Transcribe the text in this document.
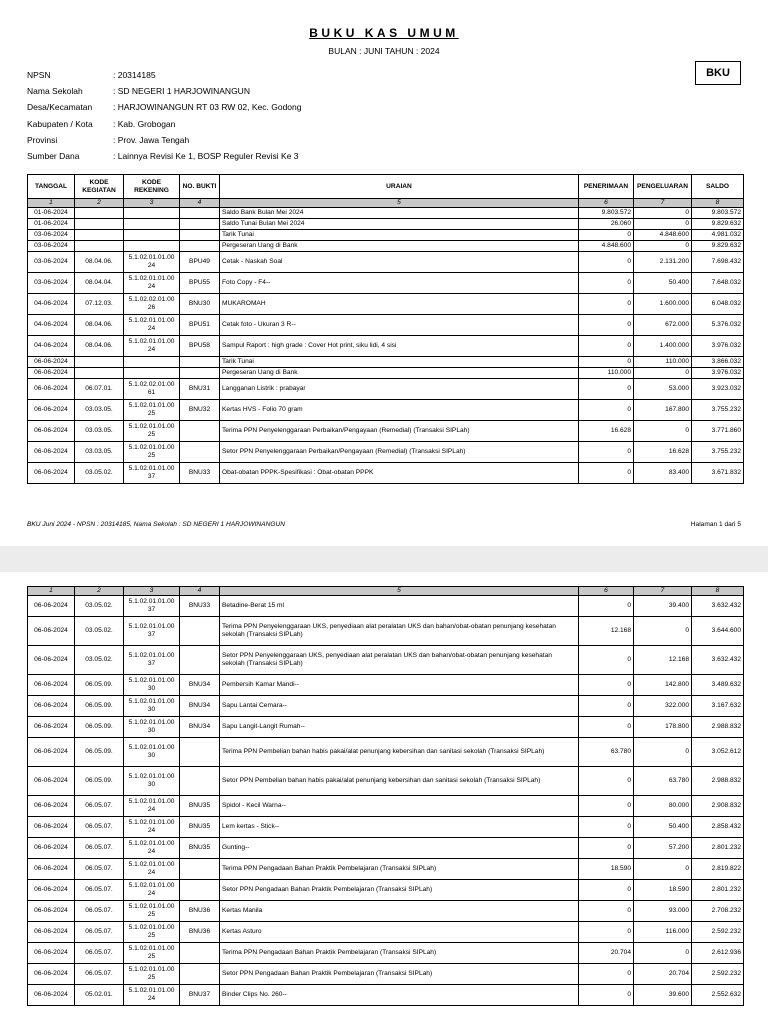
BUKU KAS UMUM
BULAN : JUNI TAHUN : 2024
BKU
NPSN	: 20314185
Nama Sekolah	: SD NEGERI 1 HARJOWINANGUN
Desa/Kecamatan : HARJOWINANGUN RT 03 RW 02, Kec. Godong
Kabupaten / Kota : Kab. Grobogan
Provinsi	: Prov. Jawa Tengah
Sumber Dana	: Lainnya Revisi Ke 1, BOSP Reguler Revisi Ke 3
TANGGAL	KODE KEGIATAN	KODE REKENING	NO. BUKTI	URAIAN	PENERIMAAN	PENGELUARAN	SALDO
1	2	3	4	5	6	7	8
01-06-2024				Saldo Bank Bulan Mei 2024	9.803.572	0	9.803.572
01-06-2024				Saldo Tunai Bulan Mei 2024	26.060	0	9.829.632
03-06-2024				Tarik Tunai	0	4.848.600	4.981.032
03-06-2024				Pergeseran Uang di Bank	4.848.600	0	9.829.632
03-06-2024	08.04.06.	5.1.02.01.01.00 24	BPU49	Cetak - Naskah Soal	0	2.131.200	7.698.432
03-06-2024	08.04.04.	5.1.02.01.01.00 24	BPU55	Foto Copy - F4--	0	50.400	7.648.032
04-06-2024	07.12.03.	5.1.02.02.01.00 26	BNU30	MUKAROMAH	0	1.600.000	6.048.032
04-06-2024	08.04.06.	5.1.02.01.01.00 24	BPU51	Cetak foto - Ukuran 3 R--	0	672.000	5.376.032
04-06-2024	08.04.06.	5.1.02.01.01.00 24	BPU58	Sampul Raport : high grade : Cover Hot print, siku lidi, 4 sisi	0	1.400.000	3.976.032
06-06-2024				Tarik Tunai	0	110.000	3.866.032
06-06-2024				Pergeseran Uang di Bank	110.000	0	3.976.032
06-06-2024	06.07.01.	5.1.02.02.01.00 61	BNU31	Langganan Listrik : prabayar	0	53.000	3.923.032
06-06-2024	03.03.05.	5.1.02.01.01.00 25	BNU32	Kertas HVS - Folio 70 gram	0	167.800	3.755.232
06-06-2024	03.03.05.	5.1.02.01.01.00 25		Terima PPN Penyelenggaraan Perbaikan/Pengayaan (Remedial) (Transaksi SIPLah)	16.628	0	3.771.860
06-06-2024	03.03.05.	5.1.02.01.01.00 25		Setor PPN Penyelenggaraan Perbaikan/Pengayaan (Remedial) (Transaksi SIPLah)	0	16.628	3.755.232
06-06-2024	03.05.02.	5.1.02.01.01.00 37	BNU33	Obat-obatan PPPK-Spesifikasi : Obat-obatan PPPK	0	83.400	3.671.832
BKU Juni 2024 - NPSN : 20314185, Nama Sekolah : SD NEGERI 1 HARJOWINANGUN	Halaman 1 dari 5
1	2	3	4	5	6	7	8
06-06-2024	03.05.02.	5.1.02.01.01.00 37	BNU33	Betadine-Berat 15 ml	0	39.400	3.632.432
06-06-2024	03.05.02.	5.1.02.01.01.00 37		Terima PPN Penyelenggaraan UKS, penyediaan alat peralatan UKS dan bahan/obat-obatan penunjang kesehatan sekolah (Transaksi SIPLah)	12.168	0	3.644.600
06-06-2024	03.05.02.	5.1.02.01.01.00 37		Setor PPN Penyelenggaraan UKS, penyediaan alat peralatan UKS dan bahan/obat-obatan penunjang kesehatan sekolah (Transaksi SIPLah)	0	12.168	3.632.432
06-06-2024	06.05.09.	5.1.02.01.01.00 30	BNU34	Pembersih Kamar Mandi--	0	142.800	3.489.632
06-06-2024	06.05.09.	5.1.02.01.01.00 30	BNU34	Sapu Lantai Cemara--	0	322.000	3.167.632
06-06-2024	06.05.09.	5.1.02.01.01.00 30	BNU34	Sapu Langit-Langit Rumah--	0	178.800	2.988.832
06-06-2024	06.05.09.	5.1.02.01.01.00 30		Terima PPN Pembelian bahan habis pakai/alat penunjang kebersihan dan sanitasi sekolah (Transaksi SIPLah)	63.780	0	3.052.612
06-06-2024	06.05.09.	5.1.02.01.01.00 30		Setor PPN Pembelian bahan habis pakai/alat penunjang kebersihan dan sanitasi sekolah (Transaksi SIPLah)	0	63.780	2.988.832
06-06-2024	06.05.07.	5.1.02.01.01.00 24	BNU35	Spidol - Kecil Warna--	0	80.000	2.908.832
06-06-2024	06.05.07.	5.1.02.01.01.00 24	BNU35	Lem kertas - Stick--	0	50.400	2.858.432
06-06-2024	06.05.07.	5.1.02.01.01.00 24	BNU35	Gunting--	0	57.200	2.801.232
06-06-2024	06.05.07.	5.1.02.01.01.00 24		Terima PPN Pengadaan Bahan Praktik Pembelajaran (Transaksi SIPLah)	18.590	0	2.819.822
06-06-2024	06.05.07.	5.1.02.01.01.00 24		Setor PPN Pengadaan Bahan Praktik Pembelajaran (Transaksi SIPLah)	0	18.590	2.801.232
06-06-2024	06.05.07.	5.1.02.01.01.00 25	BNU36	Kertas Manila	0	93.000	2.708.232
06-06-2024	06.05.07.	5.1.02.01.01.00 25	BNU36	Kertas Asturo	0	116.000	2.592.232
06-06-2024	06.05.07.	5.1.02.01.01.00 25		Terima PPN Pengadaan Bahan Praktik Pembelajaran (Transaksi SIPLah)	20.704	0	2.612.936
06-06-2024	06.05.07.	5.1.02.01.01.00 25		Setor PPN Pengadaan Bahan Praktik Pembelajaran (Transaksi SIPLah)	0	20.704	2.592.232
06-06-2024	05.02.01.	5.1.02.01.01.00 24	BNU37	Binder Clips No. 260--	0	39.600	2.552.632
